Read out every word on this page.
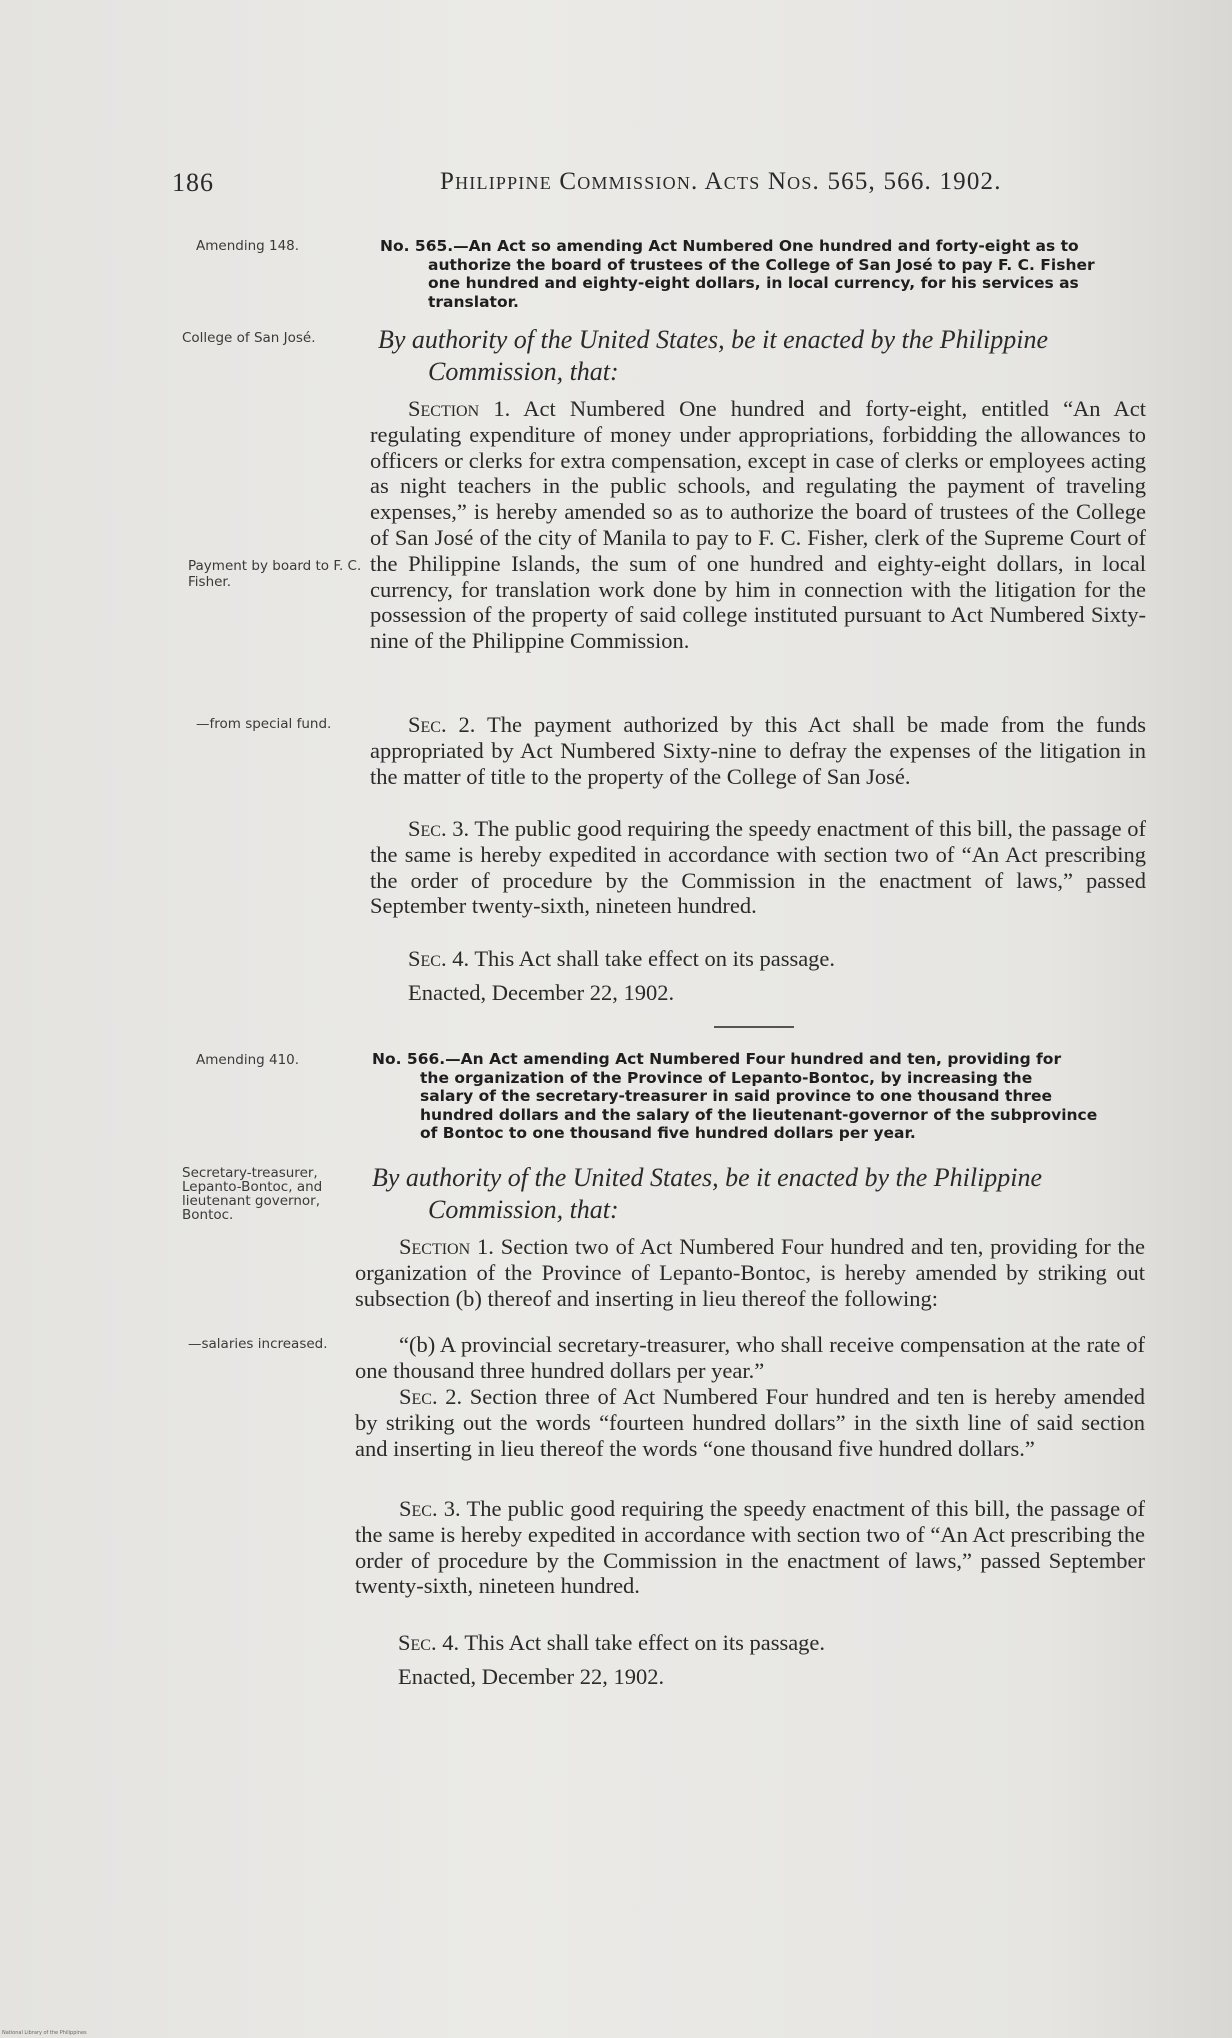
186	Philippine Commission. Acts Nos. 565, 566. 1902.
Amending 148.	No. 565.—An Act so amending Act Numbered One hundred and forty-eight as to
authorize the board of trustees of the College of San José to pay F. C. Fisher
one hundred and eighty-eight dollars, in local currency, for his services as
translator.
College of San José.	By authority of the United States, be it enacted by the Philippine
Commission, that:
Payment by board to F. C. Fisher.
Section 1. Act Numbered One hundred and forty-eight, entitled “An Act regulating expenditure of money under appropriations, forbidding the allowances to officers or clerks for extra compensation, except in case of clerks or employees acting as night teachers in the public schools, and regulating the payment of traveling expenses,” is hereby amended so as to authorize the board of trustees of the College of San José of the city of Manila to pay to F. C. Fisher, clerk of the Supreme Court of the Philippine Islands, the sum of one hundred and eighty-eight dollars, in local currency, for translation work done by him in connection with the litigation for the possession of the property of said college instituted pursuant to Act Numbered Sixty-nine of the Philippine Commission.
—from special fund.	Sec. 2. The payment authorized by this Act shall be made from the funds appropriated by Act Numbered Sixty-nine to defray the expenses of the litigation in the matter of title to the property of the College of San José.
Sec. 3. The public good requiring the speedy enactment of this bill, the passage of the same is hereby expedited in accordance with section two of “An Act prescribing the order of procedure by the Commission in the enactment of laws,” passed September twenty-sixth, nineteen hundred.
Sec. 4. This Act shall take effect on its passage.
Enacted, December 22, 1902.
Amending 410.	No. 566.—An Act amending Act Numbered Four hundred and ten, providing for
the organization of the Province of Lepanto-Bontoc, by increasing the
salary of the secretary-treasurer in said province to one thousand three
hundred dollars and the salary of the lieutenant-governor of the subprovince
of Bontoc to one thousand five hundred dollars per year.
Secretary-treasurer, Lepanto-Bontoc, and lieutenant governor, Bontoc.
By authority of the United States, be it enacted by the Philippine
Commission, that:
Section 1. Section two of Act Numbered Four hundred and ten, providing for the organization of the Province of Lepanto-Bontoc, is hereby amended by striking out subsection (b) thereof and inserting in lieu thereof the following:
—salaries increased.	“(b) A provincial secretary-treasurer, who shall receive compensation at the rate of one thousand three hundred dollars per year.”
Sec. 2. Section three of Act Numbered Four hundred and ten is hereby amended by striking out the words “fourteen hundred dollars” in the sixth line of said section and inserting in lieu thereof the words “one thousand five hundred dollars.”
Sec. 3. The public good requiring the speedy enactment of this bill, the passage of the same is hereby expedited in accordance with section two of “An Act prescribing the order of procedure by the Commission in the enactment of laws,” passed September twenty-sixth, nineteen hundred.
Sec. 4. This Act shall take effect on its passage.
Enacted, December 22, 1902.
National Library of the Philippines
